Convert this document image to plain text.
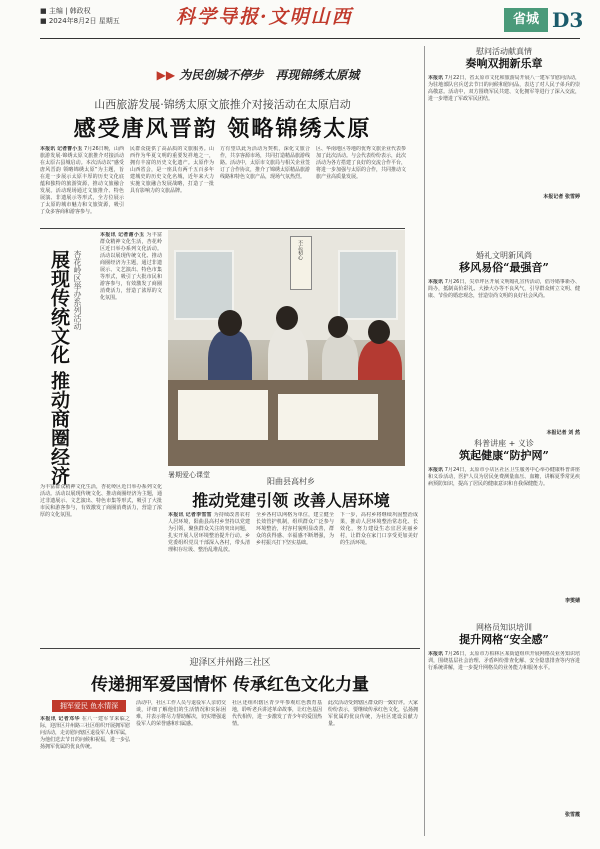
■ 主编 | 韩政权
■ 2024年8月2日 星期五	科学导报·文明山西	省城 D3
▶▶ 为民创城不停步　 再现锦绣太原城
山西旅游发展·锦绣太原文旅推介对接活动在太原启动
感受唐风晋韵 领略锦绣太原
本报讯 记者曹小玉 7月26日晚，山西旅游发展·锦绣太原文旅推介对接活动在太原古县城启动。本次活动以“感受唐风晋韵 领略锦绣太原”为主题，旨在进一步展示太原丰厚的历史文化底蕴和独特的旅游资源，推动文旅融合发展。活动现场通过文旅推介、特色展演、非遗展示等形式，全方位展示了太原的城市魅力和文旅资源，吸引了众多客商和游客参与。
民群众提供了高品质的文旅服务。山西作为华夏文明的重要发祥地之一，拥有丰富的历史文化遗产。太原作为山西省会，是一座具有两千五百多年建城史的历史文化名城，近年来大力实施文旅融合发展战略，打造了一批具有影响力的文旅品牌。
方有望以此为活动为契机，深化文旅合作，共享客源市场，共同打造精品旅游线路。活动中，太原市文旅局与相关企业签订了合作协议，推介了锦绣太原精品旅游线路和特色文旅产品，现场气氛热烈。
区、华南地区等地的优秀文旅企业代表参加了此次活动。与会代表纷纷表示，此次活动为各方搭建了良好的交流合作平台，将进一步加强与太原的合作，共同推动文旅产业高质量发展。
展现传统文化 推动商圈经济 杏花岭区举办系列活动
本报讯 记者谢小玉 为丰富群众精神文化生活，杏花岭区近日举办系列文化活动。活动以展现传统文化、推动商圈经济为主题，通过非遗展示、文艺演出、特色市集等形式，吸引了大批市民和游客参与，有效激发了商圈消费活力，营造了浓厚的文化氛围。
为丰富群众精神文化生活，杏花岭区近日举办系列文化活动。活动以展现传统文化、推动商圈经济为主题，通过非遗展示、文艺演出、特色市集等形式，吸引了大批市民和游客参与，有效激发了商圈消费活力，营造了浓厚的文化氛围。
不忘初心
暑期爱心课堂
阳曲县高村乡
推动党建引领 改善人居环境
本报讯 记者李雪雪 为持续改善农村人居环境，阳曲县高村乡坚持以党建为引领，聚焦群众关注的突出问题，扎实开展人居环境整治提升行动。乡党委组织党员干部深入各村，带头清理积存垃圾、整治乱堆乱放。
全乡各村以网格为单位，建立健全长效管护机制，组织群众广泛参与环境整治，村容村貌明显改善，群众的获得感、幸福感不断增强，为乡村振兴打下坚实基础。
下一步，高村乡将继续巩固整治成果，推动人居环境整治常态化、长效化，努力建设生态宜居美丽乡村，让群众在家门口享受更加美好的生活环境。
迎泽区并州路三社区
传递拥军爱国情怀 传承红色文化力量
拥军爱民 鱼水情深
本报讯 记者邓华 在八一建军节来临之际，迎泽区并州路三社区组织开展拥军慰问活动，走访慰问辖区退役军人和军属，为他们送去节日的问候和祝福，进一步弘扬拥军优属的优良传统。
活动中，社区工作人员与退役军人亲切交谈，详细了解他们的生活情况和实际困难，并表示将尽力帮助解决，切实增强退役军人的荣誉感和归属感。
社区还组织辖区青少年参观红色教育基地，聆听老兵讲述革命故事，让红色基因代代相传，进一步激发了青少年的爱国热情。
此次活动受到辖区群众的一致好评。大家纷纷表示，要继续传承红色文化，弘扬拥军优属的优良传统，为社区建设贡献力量。
慰问活动献真情
奏响双拥新乐章
本报讯 7月22日，省太原市文化和旅游局开展八一建军节慰问活动，为驻地部队官兵送去节日的问候和慰问品，表达了对人民子弟兵的崇高敬意。活动中，双方围绕军民共建、文化拥军等进行了深入交流，进一步增进了军政军民团结。
本报记者 张雪婷
婚礼文明新风尚
移风易俗“最强音”
本报讯 7月26日，尖草坪区开展文明婚礼宣传活动，倡导婚事新办、简办，抵制高价彩礼、大操大办等不良风气，引导群众树立文明、健康、节俭的婚恋观念，营造崇尚文明的良好社会风尚。
本报记者 刘 然
科普讲座 + 义诊
筑起健康“防护网”
本报讯 7月24日，太原市小店区社区卫生服务中心举办健康科普讲座和义诊活动，医护人员为居民免费测量血压、血糖，讲解夏季常见疾病预防知识，提高了居民的健康意识和自我保健能力。
李雯婧
网格员知识培训
提升网格“安全感”
本报讯 7月26日，太原市万柏林区某街道组织开展网格员业务知识培训，围绕基层社会治理、矛盾纠纷排查化解、安全隐患排查等内容进行系统讲解，进一步提升网格员的业务能力和服务水平。
张雪霞
